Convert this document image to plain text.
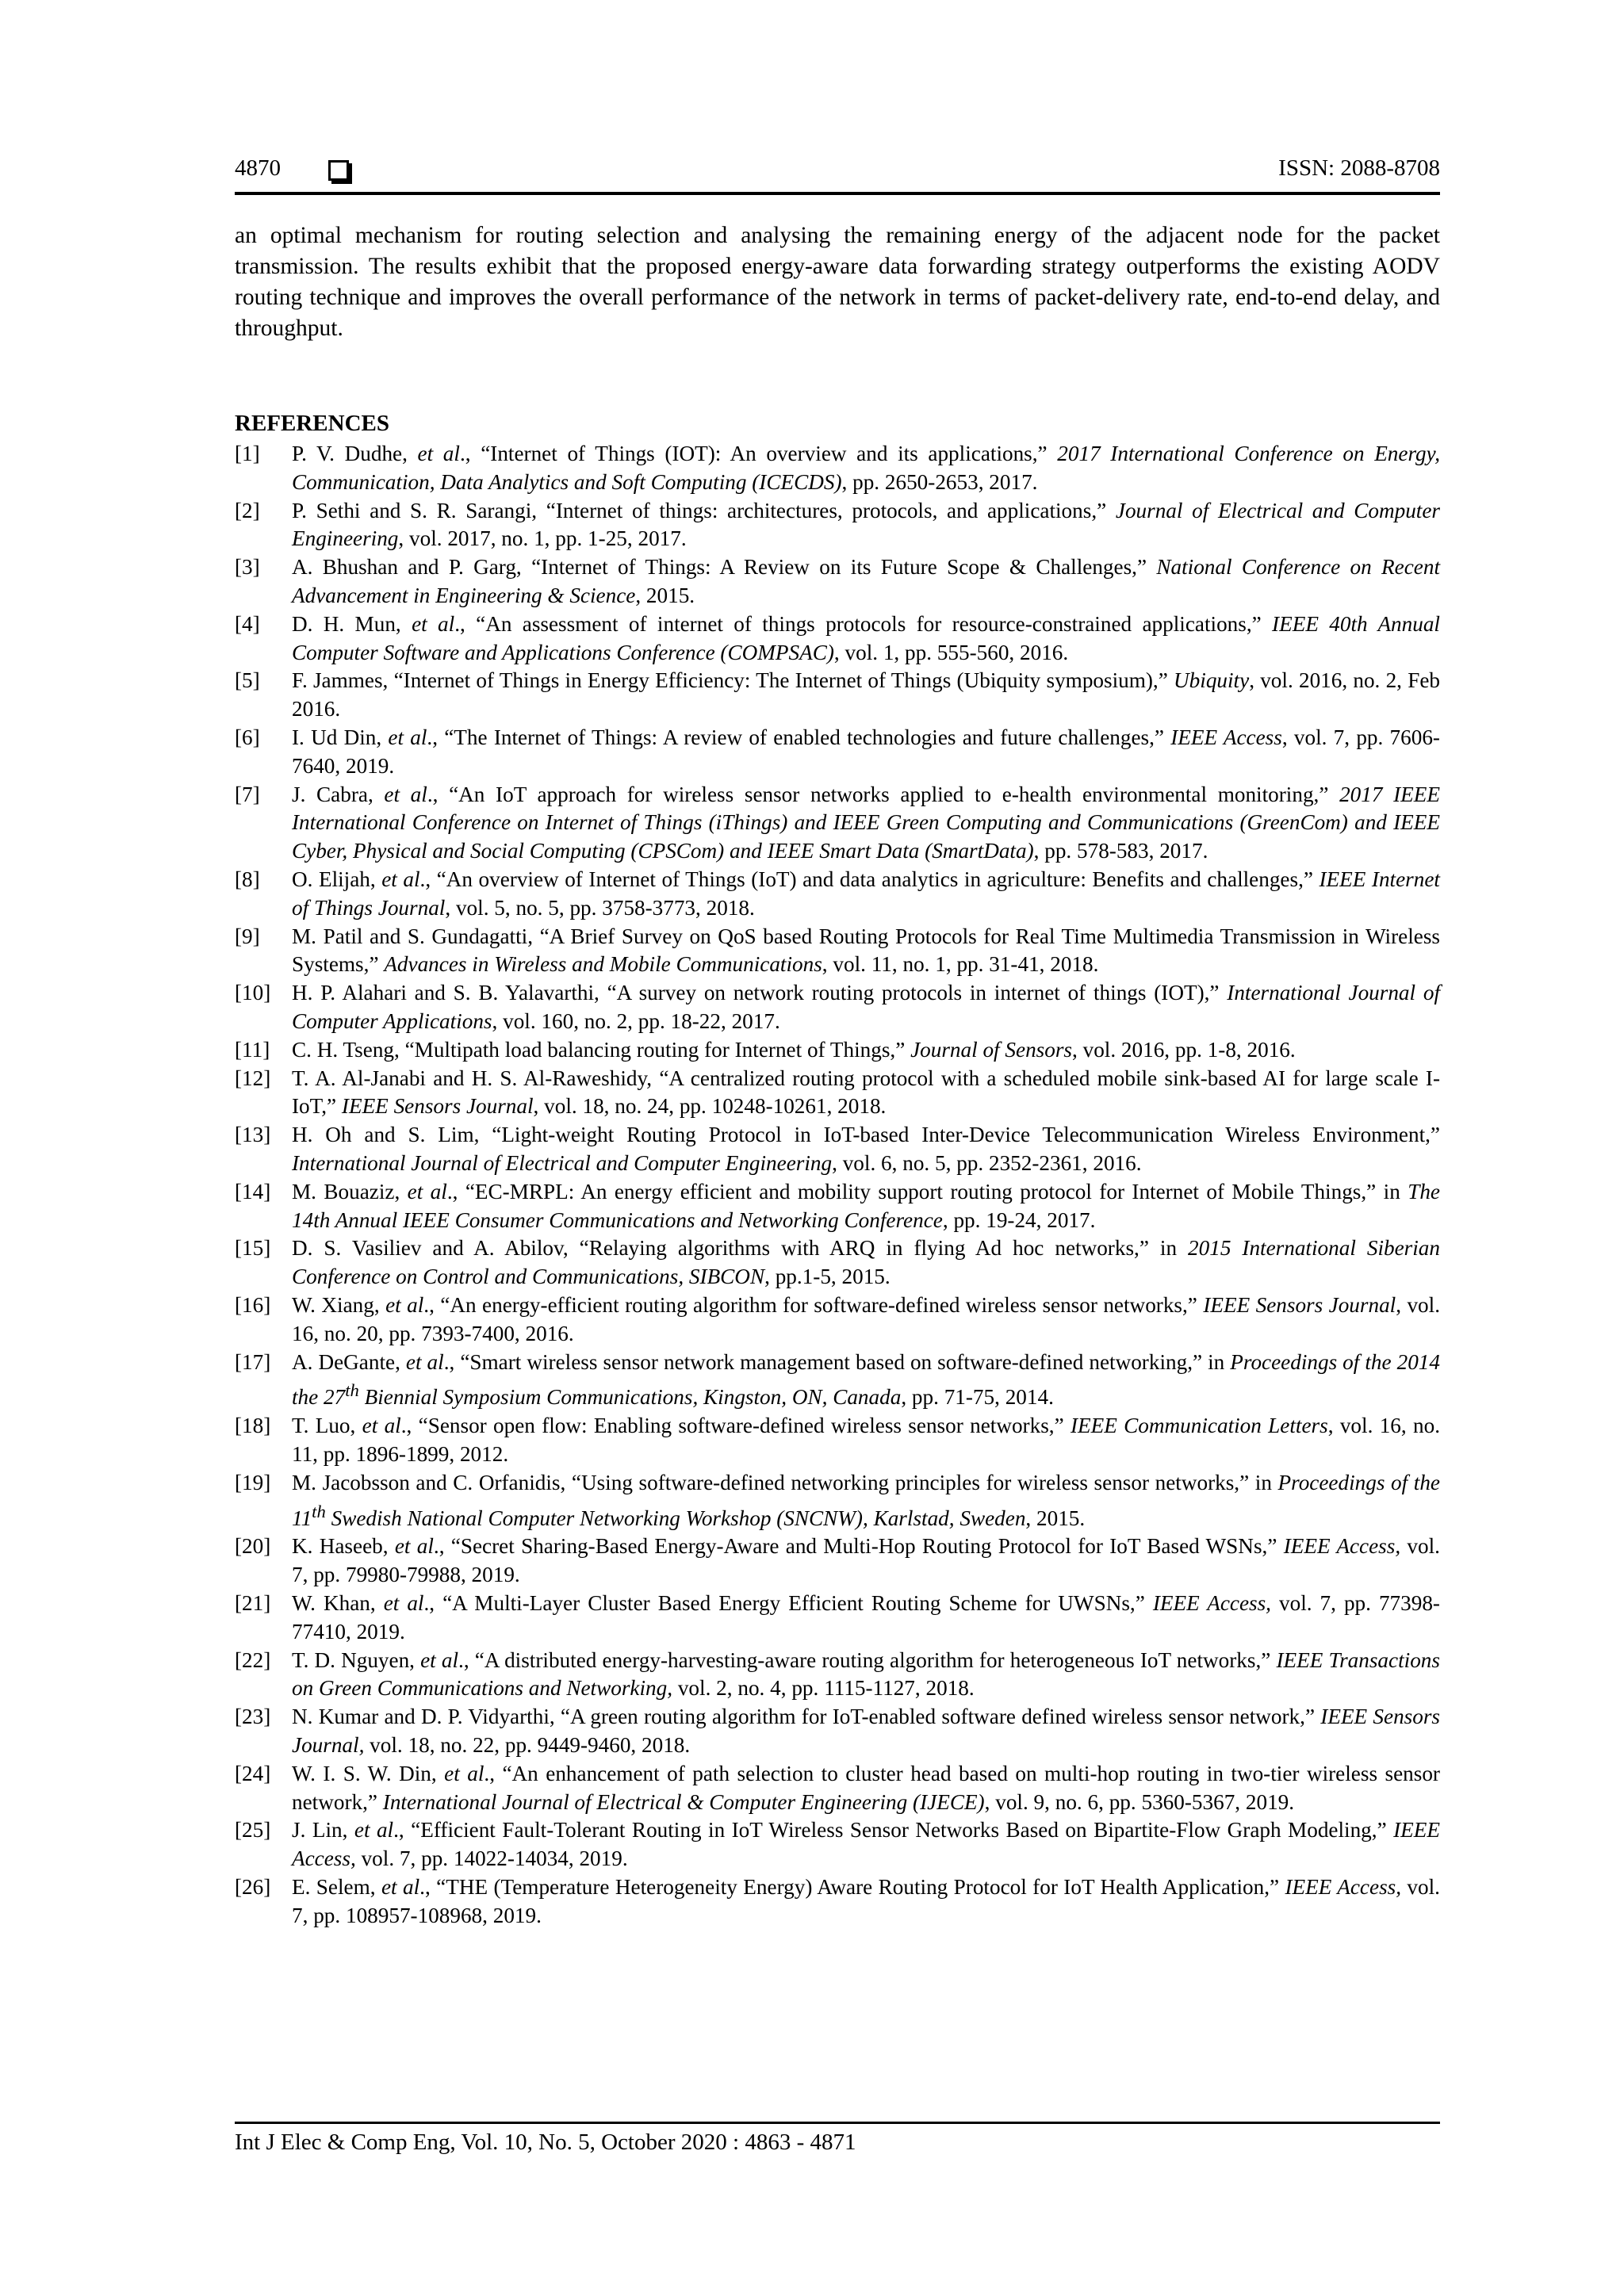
4870	ISSN: 2088-8708

an optimal mechanism for routing selection and analysing the remaining energy of the adjacent node for the packet transmission. The results exhibit that the proposed energy-aware data forwarding strategy outperforms the existing AODV routing technique and improves the overall performance of the network in terms of packet-delivery rate, end-to-end delay, and throughput.

REFERENCES
[1]	P. V. Dudhe, et al., “Internet of Things (IOT): An overview and its applications,” 2017 International Conference on Energy, Communication, Data Analytics and Soft Computing (ICECDS), pp. 2650-2653, 2017.
[2]	P. Sethi and S. R. Sarangi, “Internet of things: architectures, protocols, and applications,” Journal of Electrical and Computer Engineering, vol. 2017, no. 1, pp. 1-25, 2017.
[3]	A. Bhushan and P. Garg, “Internet of Things: A Review on its Future Scope & Challenges,” National Conference on Recent Advancement in Engineering & Science, 2015.
[4]	D. H. Mun, et al., “An assessment of internet of things protocols for resource-constrained applications,” IEEE 40th Annual Computer Software and Applications Conference (COMPSAC), vol. 1, pp. 555-560, 2016.
[5]	F. Jammes, “Internet of Things in Energy Efficiency: The Internet of Things (Ubiquity symposium),” Ubiquity, vol. 2016, no. 2, Feb 2016.
[6]	I. Ud Din, et al., “The Internet of Things: A review of enabled technologies and future challenges,” IEEE Access, vol. 7, pp. 7606-7640, 2019.
[7]	J. Cabra, et al., “An IoT approach for wireless sensor networks applied to e-health environmental monitoring,” 2017 IEEE International Conference on Internet of Things (iThings) and IEEE Green Computing and Communications (GreenCom) and IEEE Cyber, Physical and Social Computing (CPSCom) and IEEE Smart Data (SmartData), pp. 578-583, 2017.
[8]	O. Elijah, et al., “An overview of Internet of Things (IoT) and data analytics in agriculture: Benefits and challenges,” IEEE Internet of Things Journal, vol. 5, no. 5, pp. 3758-3773, 2018.
[9]	M. Patil and S. Gundagatti, “A Brief Survey on QoS based Routing Protocols for Real Time Multimedia Transmission in Wireless Systems,” Advances in Wireless and Mobile Communications, vol. 11, no. 1, pp. 31-41, 2018.
[10] H. P. Alahari and S. B. Yalavarthi, “A survey on network routing protocols in internet of things (IOT),” International Journal of Computer Applications, vol. 160, no. 2, pp. 18-22, 2017.
[11]	C. H. Tseng, “Multipath load balancing routing for Internet of Things,” Journal of Sensors, vol. 2016, pp. 1-8, 2016.
[12] T. A. Al-Janabi and H. S. Al-Raweshidy, “A centralized routing protocol with a scheduled mobile sink-based AI for large scale I-IoT,” IEEE Sensors Journal, vol. 18, no. 24, pp. 10248-10261, 2018.
[13] H. Oh and S. Lim, “Light-weight Routing Protocol in IoT-based Inter-Device Telecommunication Wireless Environment,” International Journal of Electrical and Computer Engineering, vol. 6, no. 5, pp. 2352-2361, 2016.
[14] M. Bouaziz, et al., “EC-MRPL: An energy efficient and mobility support routing protocol for Internet of Mobile Things,” in The 14th Annual IEEE Consumer Communications and Networking Conference, pp. 19-24, 2017.
[15] D. S. Vasiliev and A. Abilov, “Relaying algorithms with ARQ in flying Ad hoc networks,” in 2015 International Siberian Conference on Control and Communications, SIBCON, pp.1-5, 2015.
[16] W. Xiang, et al., “An energy-efficient routing algorithm for software-defined wireless sensor networks,” IEEE Sensors Journal, vol. 16, no. 20, pp. 7393-7400, 2016.
[17] A. DeGante, et al., “Smart wireless sensor network management based on software-defined networking,” in Proceedings of the 2014 the 27th Biennial Symposium Communications, Kingston, ON, Canada, pp. 71-75, 2014.
[18] T. Luo, et al., “Sensor open flow: Enabling software-defined wireless sensor networks,” IEEE Communication Letters, vol. 16, no. 11, pp. 1896-1899, 2012.
[19] M. Jacobsson and C. Orfanidis, “Using software-defined networking principles for wireless sensor networks,” in Proceedings of the 11th Swedish National Computer Networking Workshop (SNCNW), Karlstad, Sweden, 2015.
[20] K. Haseeb, et al., “Secret Sharing-Based Energy-Aware and Multi-Hop Routing Protocol for IoT Based WSNs,” IEEE Access, vol. 7, pp. 79980-79988, 2019.
[21] W. Khan, et al., “A Multi-Layer Cluster Based Energy Efficient Routing Scheme for UWSNs,” IEEE Access, vol. 7, pp. 77398-77410, 2019.
[22] T. D. Nguyen, et al., “A distributed energy-harvesting-aware routing algorithm for heterogeneous IoT networks,” IEEE Transactions on Green Communications and Networking, vol. 2, no. 4, pp. 1115-1127, 2018.
[23] N. Kumar and D. P. Vidyarthi, “A green routing algorithm for IoT-enabled software defined wireless sensor network,” IEEE Sensors Journal, vol. 18, no. 22, pp. 9449-9460, 2018.
[24] W. I. S. W. Din, et al., “An enhancement of path selection to cluster head based on multi-hop routing in two-tier wireless sensor network,” International Journal of Electrical & Computer Engineering (IJECE), vol. 9, no. 6, pp. 5360-5367, 2019.
[25] J. Lin, et al., “Efficient Fault-Tolerant Routing in IoT Wireless Sensor Networks Based on Bipartite-Flow Graph Modeling,” IEEE Access, vol. 7, pp. 14022-14034, 2019.
[26] E. Selem, et al., “THE (Temperature Heterogeneity Energy) Aware Routing Protocol for IoT Health Application,” IEEE Access, vol. 7, pp. 108957-108968, 2019.
Int J Elec & Comp Eng, Vol. 10, No. 5, October 2020 : 4863 - 4871
